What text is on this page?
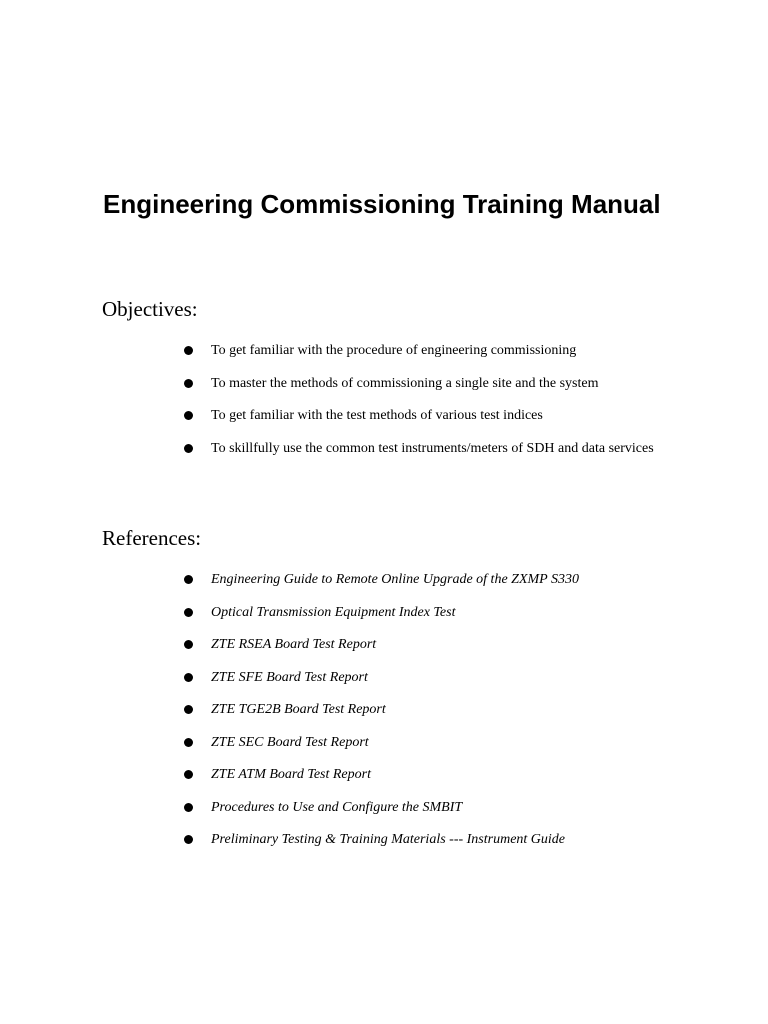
Engineering Commissioning Training Manual
Objectives:
To get familiar with the procedure of engineering commissioning
To master the methods of commissioning a single site and the system
To get familiar with the test methods of various test indices
To skillfully use the common test instruments/meters of SDH and data services
References:
Engineering Guide to Remote Online Upgrade of the ZXMP S330
Optical Transmission Equipment Index Test
ZTE RSEA Board Test Report
ZTE SFE Board Test Report
ZTE TGE2B Board Test Report
ZTE SEC Board Test Report
ZTE ATM Board Test Report
Procedures to Use and Configure the SMBIT
Preliminary Testing & Training Materials --- Instrument Guide
